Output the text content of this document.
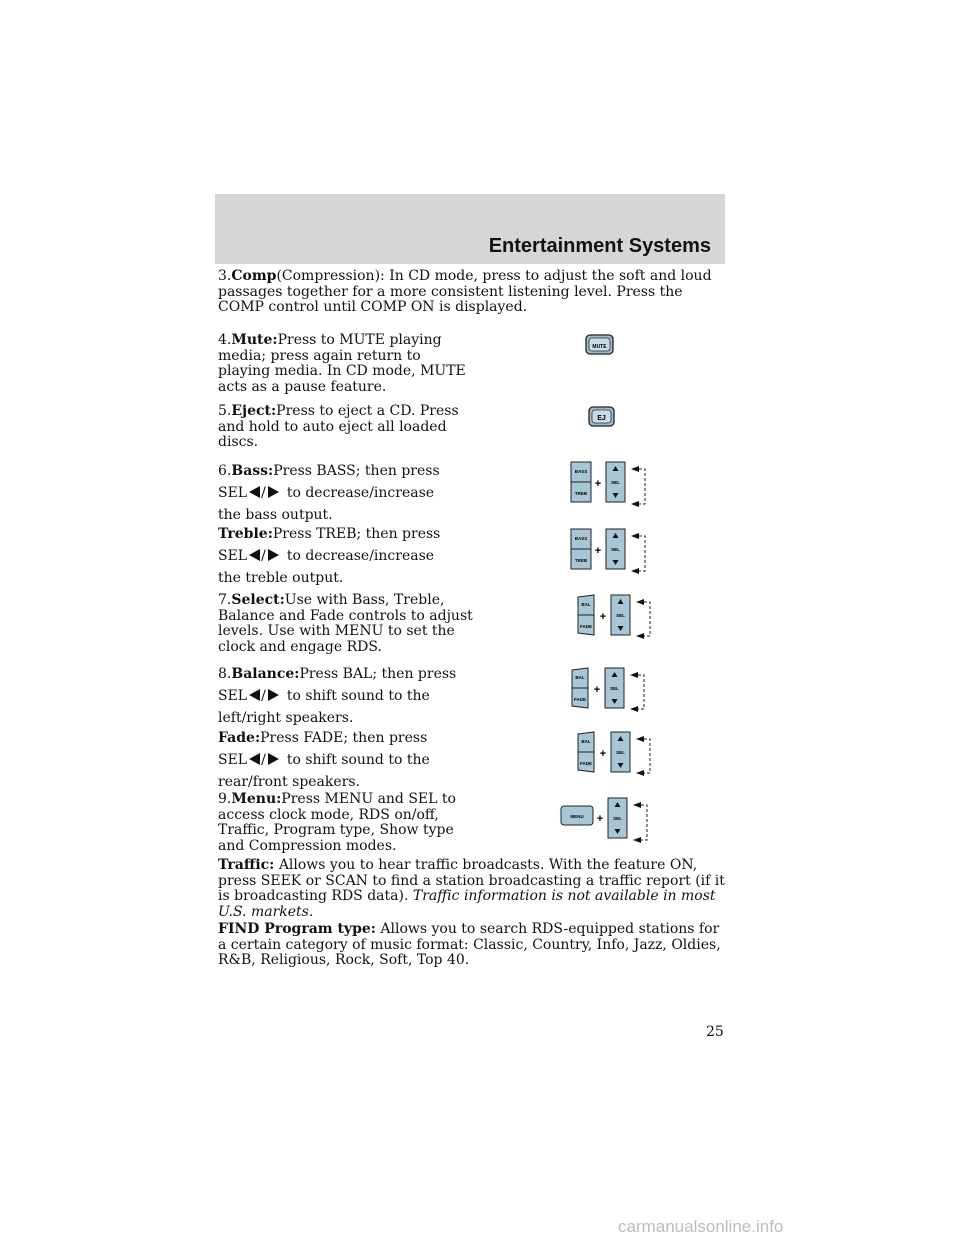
Entertainment Systems
3.Comp(Compression): In CD mode, press to adjust the soft and loud passages together for a more consistent listening level. Press the COMP control until COMP ON is displayed.
4.Mute:Press to MUTE playing media; press again return to playing media. In CD mode, MUTE acts as a pause feature.
MUTE
5.Eject:Press to eject a CD. Press and hold to auto eject all loaded discs.
EJ
6.Bass:Press BASS; then press
SEL / to decrease/increase
the bass output.
BASS
TREB
+ SEL
Treble:Press TREB; then press
SEL / to decrease/increase
the treble output.
BASS
TREB
+ SEL
7.Select:Use with Bass, Treble, Balance and Fade controls to adjust levels. Use with MENU to set the clock and engage RDS.
BAL
FADE
+ SEL
8.Balance:Press BAL; then press
SEL / to shift sound to the
left/right speakers.
BAL
FADE
+ SEL
Fade:Press FADE; then press
SEL / to shift sound to the
rear/front speakers.
BAL
FADE
+ SEL
9.Menu:Press MENU and SEL to access clock mode, RDS on/off, Traffic, Program type, Show type and Compression modes.
MENU + SEL
Traffic: Allows you to hear traffic broadcasts. With the feature ON, press SEEK or SCAN to find a station broadcasting a traffic report (if it is broadcasting RDS data). Traffic information is not available in most U.S. markets.
FIND Program type: Allows you to search RDS-equipped stations for a certain category of music format: Classic, Country, Info, Jazz, Oldies, R&B, Religious, Rock, Soft, Top 40.
25
carmanualsonline.info
